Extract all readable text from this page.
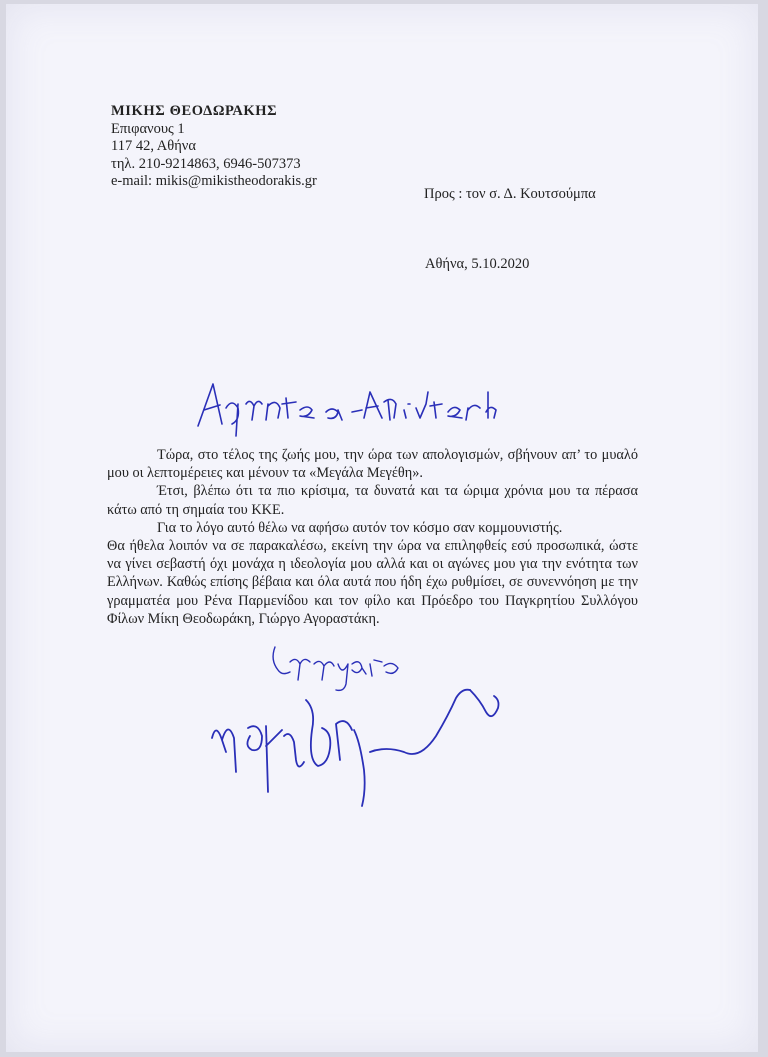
ΜΙΚΗΣ ΘΕΟΔΩΡΑΚΗΣ
Επιφανους 1
117 42, Αθήνα
τηλ. 210-9214863, 6946-507373
e-mail: mikis@mikistheodorakis.gr
Προς : τον σ. Δ. Κουτσούμπα
Αθήνα, 5.10.2020

Τώρα, στο τέλος της ζωής μου, την ώρα των απολογισμών, σβήνουν απ’ το μυαλό μου οι λεπτομέρειες και μένουν τα «Μεγάλα Μεγέθη».

Έτσι, βλέπω ότι τα πιο κρίσιμα, τα δυνατά και τα ώριμα χρόνια μου τα πέρασα κάτω από τη σημαία του ΚΚΕ.

Για το λόγο αυτό θέλω να αφήσω αυτόν τον κόσμο σαν κομμουνιστής.

Θα ήθελα λοιπόν να σε παρακαλέσω, εκείνη την ώρα να επιληφθείς εσύ προσωπικά, ώστε να γίνει σεβαστή όχι μονάχα η ιδεολογία μου αλλά και οι αγώνες μου για την ενότητα των Ελλήνων. Καθώς επίσης βέβαια και όλα αυτά που ήδη έχω ρυθμίσει, σε συνεννόηση με την γραμματέα μου Ρένα Παρμενίδου και τον φίλο και Πρόεδρο του Παγκρητίου Συλλόγου Φίλων Μίκη Θεοδωράκη, Γιώργο Αγοραστάκη.
